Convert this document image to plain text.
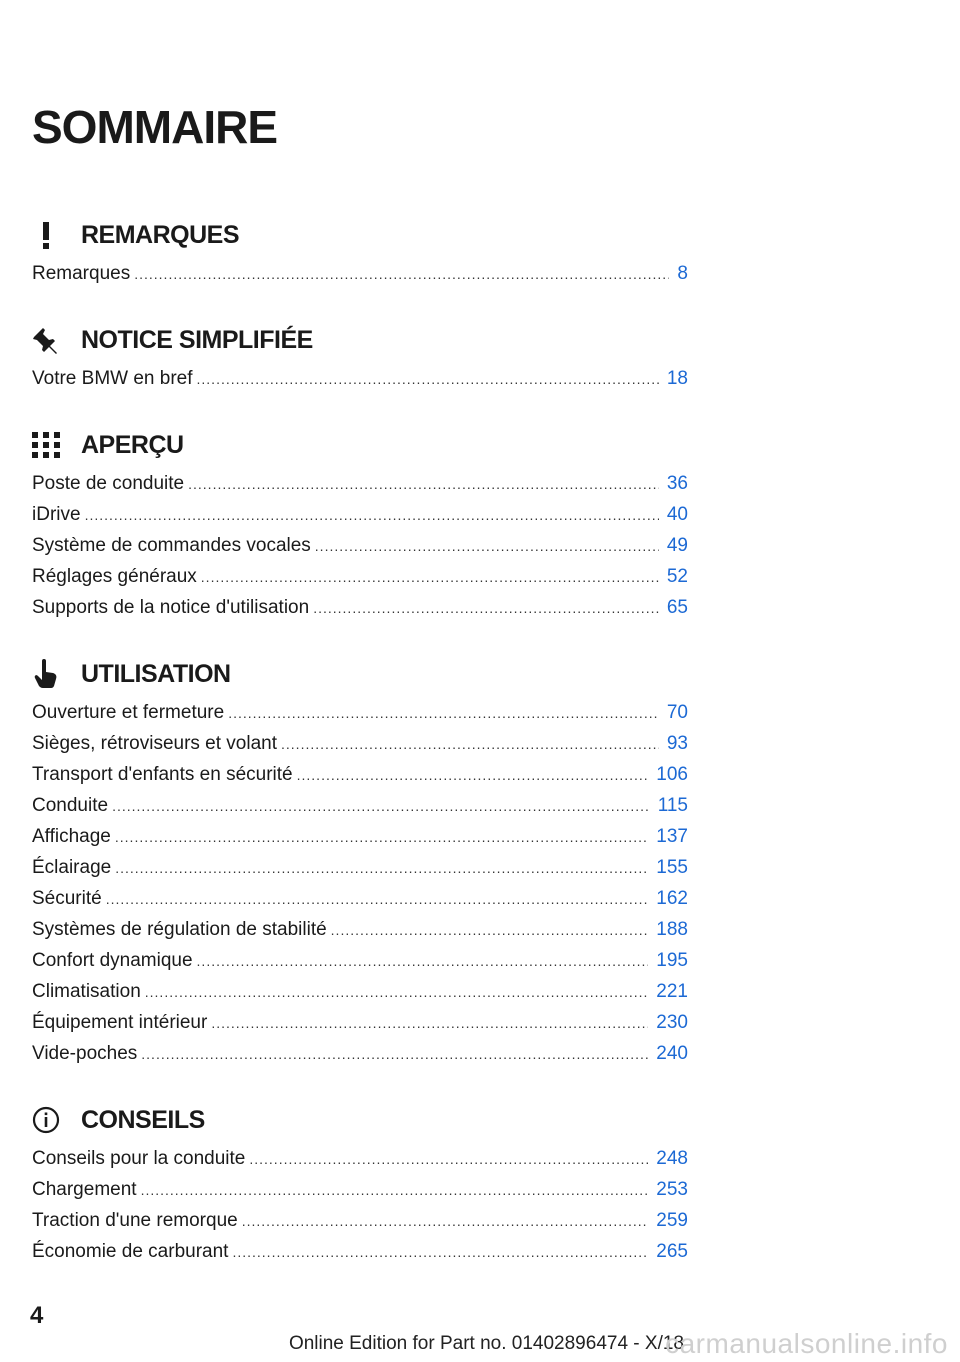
SOMMAIRE
REMARQUES
Remarques .....	8
NOTICE SIMPLIFIÉE
Votre BMW en bref .....	18
APERÇU
Poste de conduite .....	36
iDrive .....	40
Système de commandes vocales .....	49
Réglages généraux .....	52
Supports de la notice d'utilisation .....	65
UTILISATION
Ouverture et fermeture .....	70
Sièges, rétroviseurs et volant .....	93
Transport d'enfants en sécurité .....	106
Conduite .....	115
Affichage .....	137
Éclairage .....	155
Sécurité .....	162
Systèmes de régulation de stabilité .....	188
Confort dynamique .....	195
Climatisation .....	221
Équipement intérieur .....	230
Vide-poches .....	240
CONSEILS
Conseils pour la conduite .....	248
Chargement .....	253
Traction d'une remorque .....	259
Économie de carburant .....	265
4
Online Edition for Part no. 01402896474 - X/18
carmanualsonline.info
